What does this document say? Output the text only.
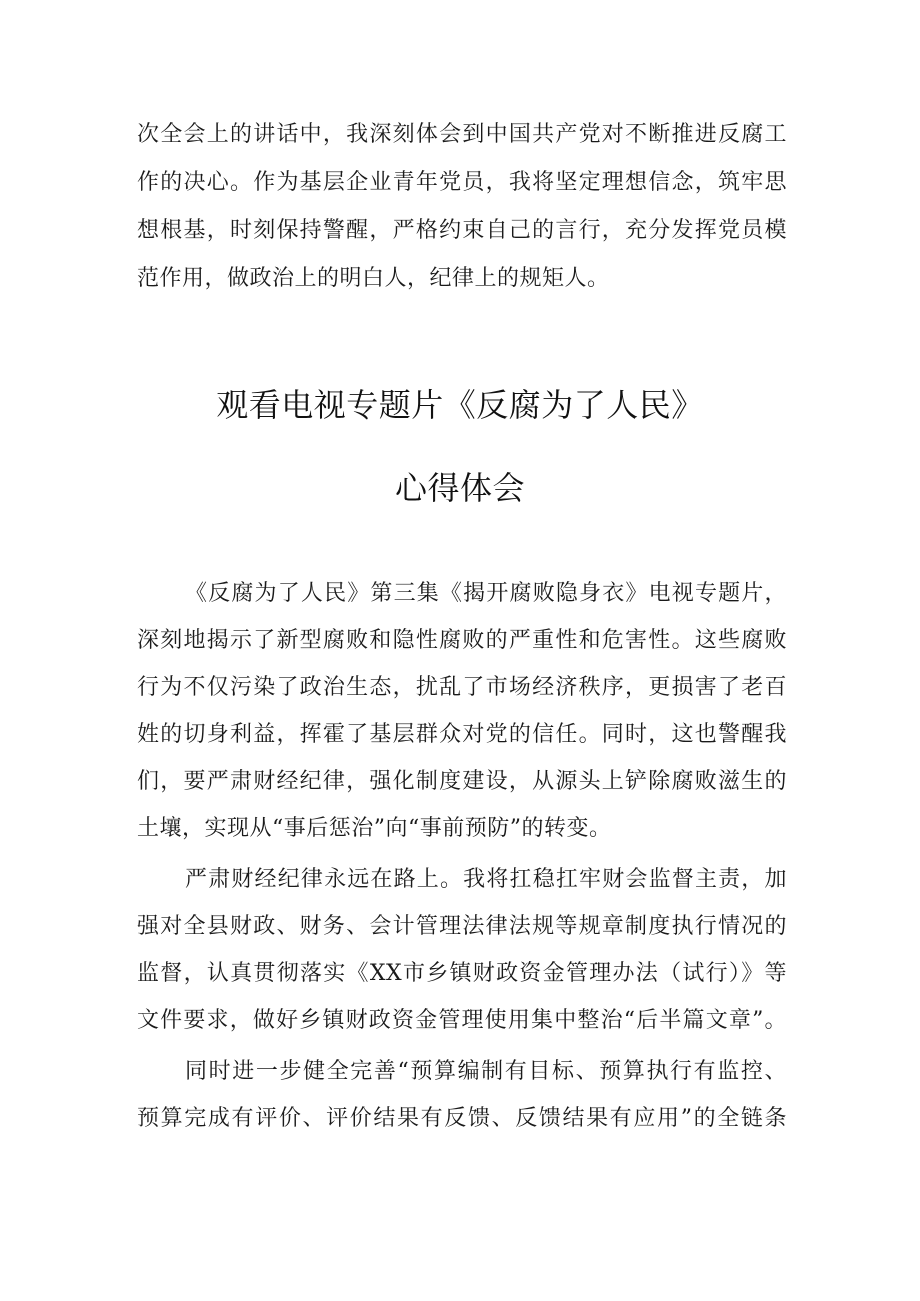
次全会上的讲话中，我深刻体会到中国共产党对不断推进反腐工
作的决心。作为基层企业青年党员，我将坚定理想信念，筑牢思
想根基，时刻保持警醒，严格约束自己的言行，充分发挥党员模
范作用，做政治上的明白人，纪律上的规矩人。
观看电视专题片《反腐为了人民》
心得体会
《反腐为了人民》第三集《揭开腐败隐身衣》电视专题片，
深刻地揭示了新型腐败和隐性腐败的严重性和危害性。这些腐败
行为不仅污染了政治生态，扰乱了市场经济秩序，更损害了老百
姓的切身利益，挥霍了基层群众对党的信任。同时，这也警醒我
们，要严肃财经纪律，强化制度建设，从源头上铲除腐败滋生的
土壤，实现从“事后惩治”向“事前预防”的转变。
严肃财经纪律永远在路上。我将扛稳扛牢财会监督主责，加
强对全县财政、财务、会计管理法律法规等规章制度执行情况的
监督，认真贯彻落实《XX市乡镇财政资金管理办法（试行）》等
文件要求，做好乡镇财政资金管理使用集中整治“后半篇文章”。
同时进一步健全完善“预算编制有目标、预算执行有监控、
预算完成有评价、评价结果有反馈、反馈结果有应用”的全链条
